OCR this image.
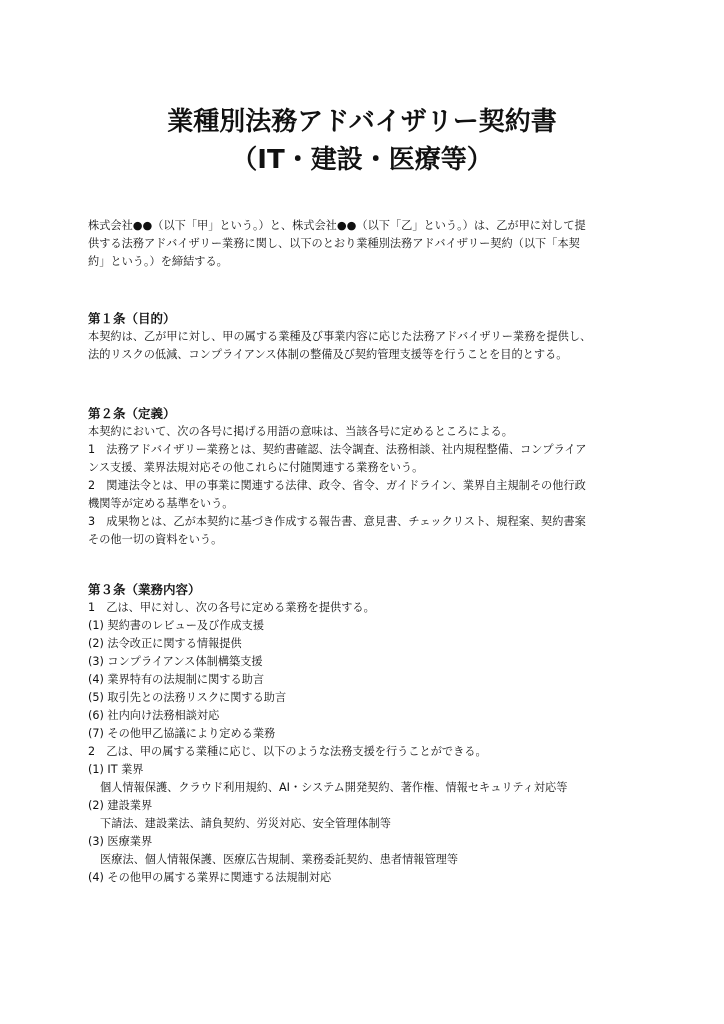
業種別法務アドバイザリー契約書
（IT・建設・医療等）
株式会社●●（以下「甲」という。）と、株式会社●●（以下「乙」という。）は、乙が甲に対して提
供する法務アドバイザリー業務に関し、以下のとおり業種別法務アドバイザリー契約（以下「本契
約」という。）を締結する。
第１条（目的）
本契約は、乙が甲に対し、甲の属する業種及び事業内容に応じた法務アドバイザリー業務を提供し、
法的リスクの低減、コンプライアンス体制の整備及び契約管理支援等を行うことを目的とする。
第２条（定義）
本契約において、次の各号に掲げる用語の意味は、当該各号に定めるところによる。
1　法務アドバイザリー業務とは、契約書確認、法令調査、法務相談、社内規程整備、コンプライア
ンス支援、業界法規対応その他これらに付随関連する業務をいう。
2　関連法令とは、甲の事業に関連する法律、政令、省令、ガイドライン、業界自主規制その他行政
機関等が定める基準をいう。
3　成果物とは、乙が本契約に基づき作成する報告書、意見書、チェックリスト、規程案、契約書案
その他一切の資料をいう。
第３条（業務内容）
1　乙は、甲に対し、次の各号に定める業務を提供する。
(1) 契約書のレビュー及び作成支援
(2) 法令改正に関する情報提供
(3) コンプライアンス体制構築支援
(4) 業界特有の法規制に関する助言
(5) 取引先との法務リスクに関する助言
(6) 社内向け法務相談対応
(7) その他甲乙協議により定める業務
2　乙は、甲の属する業種に応じ、以下のような法務支援を行うことができる。
(1) IT 業界
個人情報保護、クラウド利用規約、AI・システム開発契約、著作権、情報セキュリティ対応等
(2) 建設業界
下請法、建設業法、請負契約、労災対応、安全管理体制等
(3) 医療業界
医療法、個人情報保護、医療広告規制、業務委託契約、患者情報管理等
(4) その他甲の属する業界に関連する法規制対応
